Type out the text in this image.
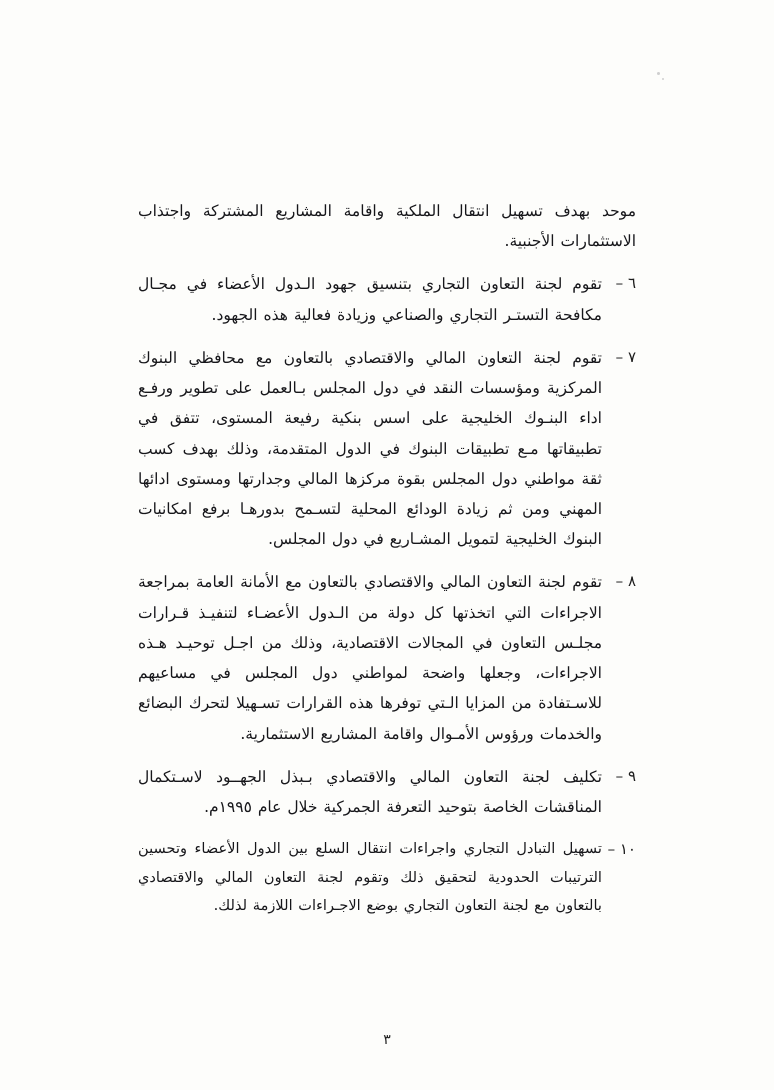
موحد بهدف تسهيل انتقال الملكية واقامة المشاريع المشتركة واجتذاب الاستثمارات الأجنبية.
٦ –
تقوم لجنة التعاون التجاري بتنسيق جهود الـدول الأعضاء في مجـال مكافحة التستـر التجاري والصناعي وزيادة فعالية هذه الجهود.
٧ –
تقوم لجنة التعاون المالي والاقتصادي بالتعاون مع محافظي البنوك المركزية ومؤسسات النقد في دول المجلس بـالعمل على تطوير ورفـع اداء البنـوك الخليجية على اسس بنكية رفيعة المستوى، تتفق في تطبيقاتها مـع تطبيقات البنوك في الدول المتقدمة، وذلك بهدف كسب ثقة مواطني دول المجلس بقوة مركزها المالي وجدارتها ومستوى ادائها المهني ومن ثم زيادة الودائع المحلية لتسـمح بدورهـا برفع امكانيات البنوك الخليجية لتمويل المشـاريع في دول المجلس.
٨ –
تقوم لجنة التعاون المالي والاقتصادي بالتعاون مع الأمانة العامة بمراجعة الاجراءات التي اتخذتها كل دولة من الـدول الأعضـاء لتنفيـذ قـرارات مجلـس التعاون في المجالات الاقتصادية، وذلك من اجـل توحيـد هـذه الاجراءات، وجعلها واضحة لمواطني دول المجلس في مساعيهم للاسـتفادة من المزايا الـتي توفرها هذه القرارات تسـهيلا لتحرك البضائع والخدمات ورؤوس الأمـوال واقامة المشاريع الاستثمارية.
٩ –
تكليف لجنة التعاون المالي والاقتصادي بـبذل الجهــود لاسـتكمال المناقشات الخاصة بتوحيد التعرفة الجمركية خلال عام ١٩٩٥م.
١٠ –
تسهيل التبادل التجاري واجراءات انتقال السلع بين الدول الأعضاء وتحسين الترتيبات الحدودية لتحقيق ذلك وتقوم لجنة التعاون المالي والاقتصادي بالتعاون مع لجنة التعاون التجاري بوضع الاجـراءات اللازمة لذلك.
٣
